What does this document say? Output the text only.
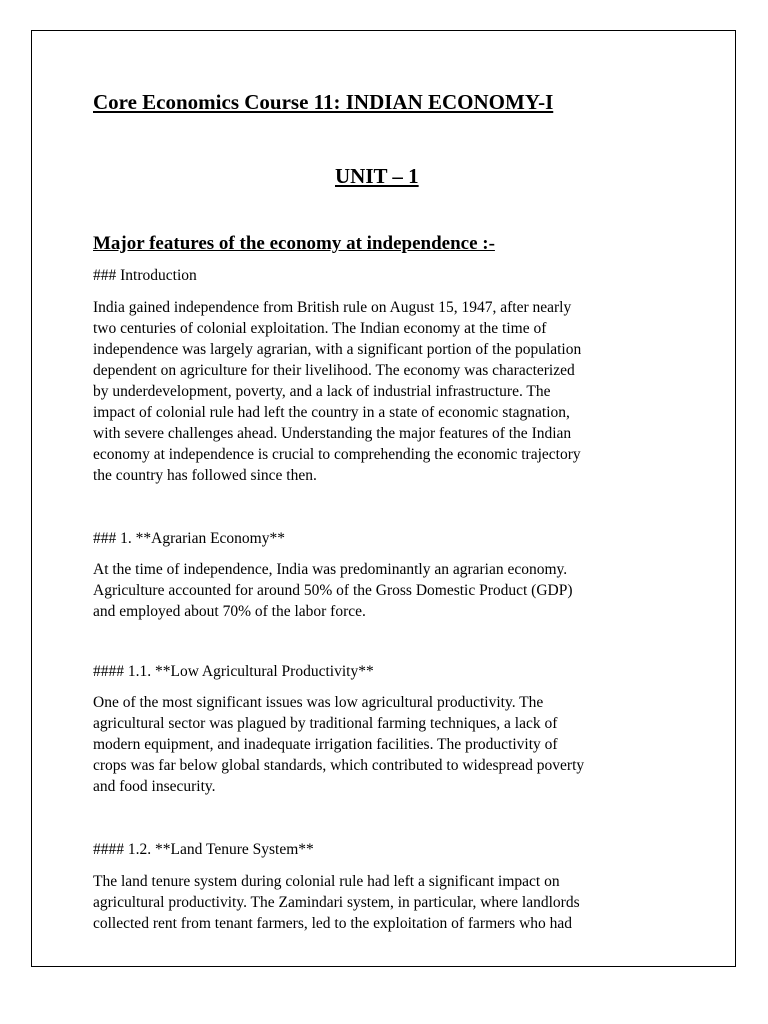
Core Economics Course 11: INDIAN ECONOMY-I
UNIT – 1
Major features of the economy at independence :-
### Introduction
India gained independence from British rule on August 15, 1947, after nearly
two centuries of colonial exploitation. The Indian economy at the time of
independence was largely agrarian, with a significant portion of the population
dependent on agriculture for their livelihood. The economy was characterized
by underdevelopment, poverty, and a lack of industrial infrastructure. The
impact of colonial rule had left the country in a state of economic stagnation,
with severe challenges ahead. Understanding the major features of the Indian
economy at independence is crucial to comprehending the economic trajectory
the country has followed since then.
### 1. **Agrarian Economy**
At the time of independence, India was predominantly an agrarian economy.
Agriculture accounted for around 50% of the Gross Domestic Product (GDP)
and employed about 70% of the labor force.
#### 1.1. **Low Agricultural Productivity**
One of the most significant issues was low agricultural productivity. The
agricultural sector was plagued by traditional farming techniques, a lack of
modern equipment, and inadequate irrigation facilities. The productivity of
crops was far below global standards, which contributed to widespread poverty
and food insecurity.
#### 1.2. **Land Tenure System**
The land tenure system during colonial rule had left a significant impact on
agricultural productivity. The Zamindari system, in particular, where landlords
collected rent from tenant farmers, led to the exploitation of farmers who had
